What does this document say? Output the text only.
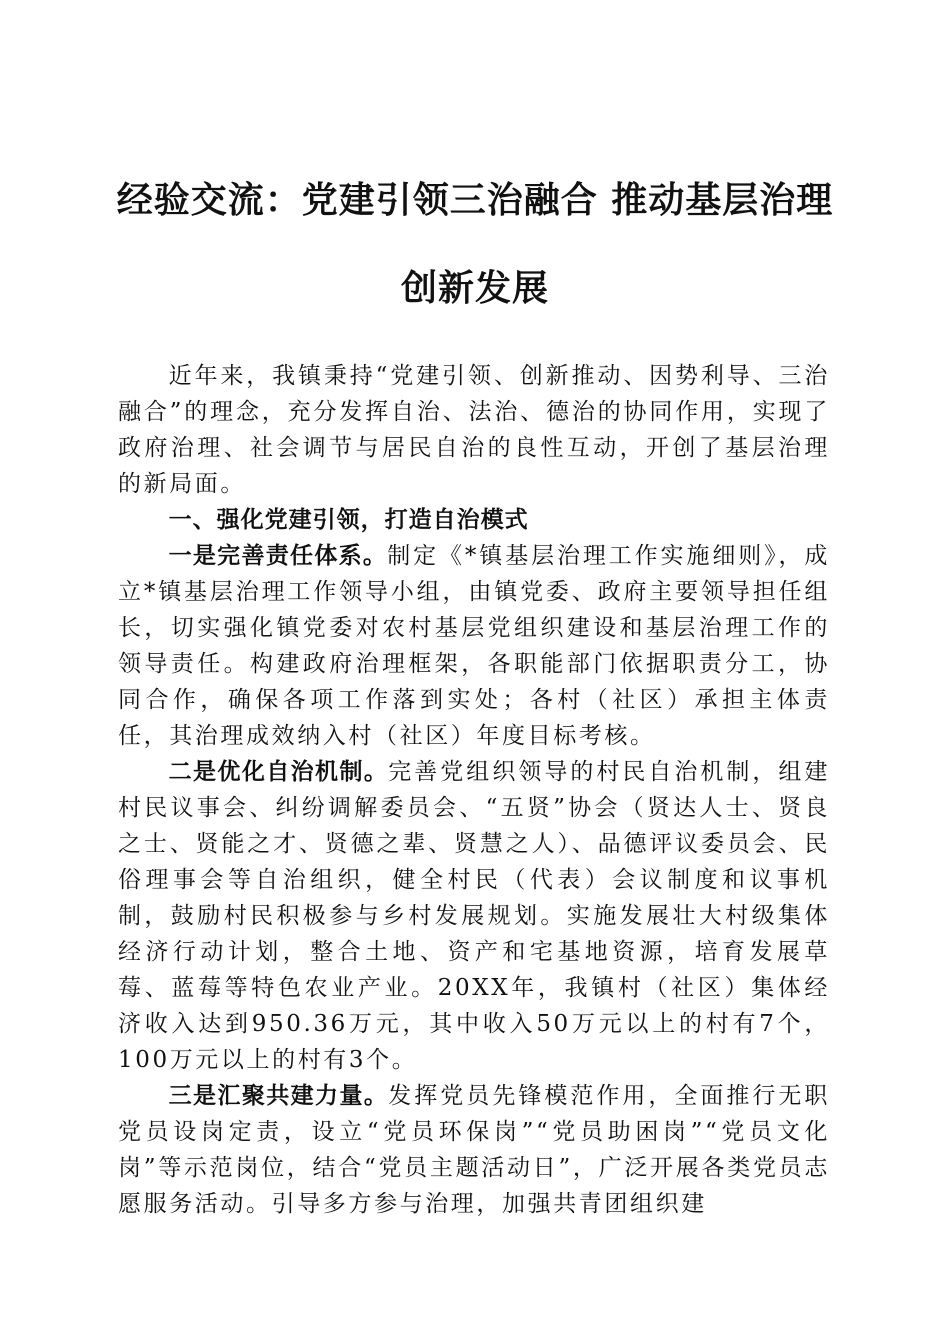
经验交流：党建引领三治融合 推动基层治理
创新发展

近年来，我镇秉持“党建引领、创新推动、因势利导、三治融合”的理念，充分发挥自治、法治、德治的协同作用，实现了政府治理、社会调节与居民自治的良性互动，开创了基层治理的新局面。

一、强化党建引领，打造自治模式

一是完善责任体系。制定《*镇基层治理工作实施细则》，成立*镇基层治理工作领导小组，由镇党委、政府主要领导担任组长，切实强化镇党委对农村基层党组织建设和基层治理工作的领导责任。构建政府治理框架，各职能部门依据职责分工，协同合作，确保各项工作落到实处；各村（社区）承担主体责任，其治理成效纳入村（社区）年度目标考核。

二是优化自治机制。完善党组织领导的村民自治机制，组建村民议事会、纠纷调解委员会、“五贤”协会（贤达人士、贤良之士、贤能之才、贤德之辈、贤慧之人）、品德评议委员会、民俗理事会等自治组织，健全村民（代表）会议制度和议事机制，鼓励村民积极参与乡村发展规划。实施发展壮大村级集体经济行动计划，整合土地、资产和宅基地资源，培育发展草莓、蓝莓等特色农业产业。20XX年，我镇村（社区）集体经济收入达到950.36万元，其中收入50万元以上的村有7个，100万元以上的村有3个。

三是汇聚共建力量。发挥党员先锋模范作用，全面推行无职党员设岗定责，设立“党员环保岗”“党员助困岗”“党员文化岗”等示范岗位，结合“党员主题活动日”，广泛开展各类党员志愿服务活动。引导多方参与治理，加强共青团组织建
